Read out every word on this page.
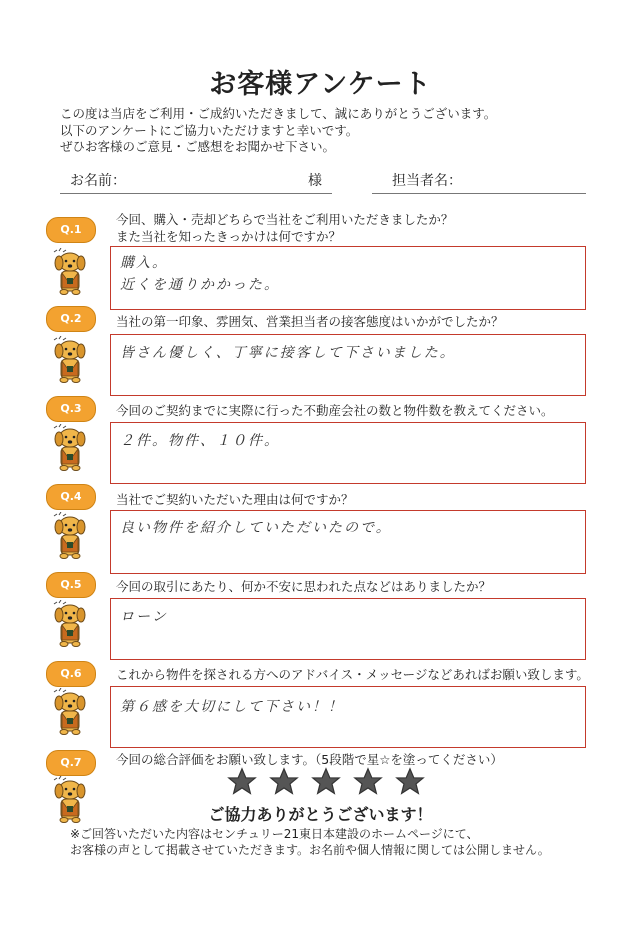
お客様アンケート
この度は当店をご利用・ご成約いただきまして、誠にありがとうございます。
以下のアンケートにご協力いただけますと幸いです。
ぜひお客様のご意見・ご感想をお聞かせ下さい。
お名前：	様	担当者名：
Q.1
今回、購入・売却どちらで当社をご利用いただきましたか？
また当社を知ったきっかけは何ですか？
購入。
近くを通りかかった。
Q.2	当社の第一印象、雰囲気、営業担当者の接客態度はいかがでしたか？
皆さん優しく、丁寧に接客して下さいました。
Q.3	今回のご契約までに実際に行った不動産会社の数と物件数を教えてください。
２件。物件、１０件。
Q.4	当社でご契約いただいた理由は何ですか？
良い物件を紹介していただいたので。
Q.5	今回の取引にあたり、何か不安に思われた点などはありましたか？
ローン
Q.6	これから物件を探される方へのアドバイス・メッセージなどあればお願い致します。
第６感を大切にして下さい！！
Q.7	今回の総合評価をお願い致します。（5段階で星☆を塗ってください）
ご協力ありがとうございます！
※ご回答いただいた内容はセンチュリー21東日本建設のホームページにて、
お客様の声として掲載させていただきます。お名前や個人情報に関しては公開しません。
